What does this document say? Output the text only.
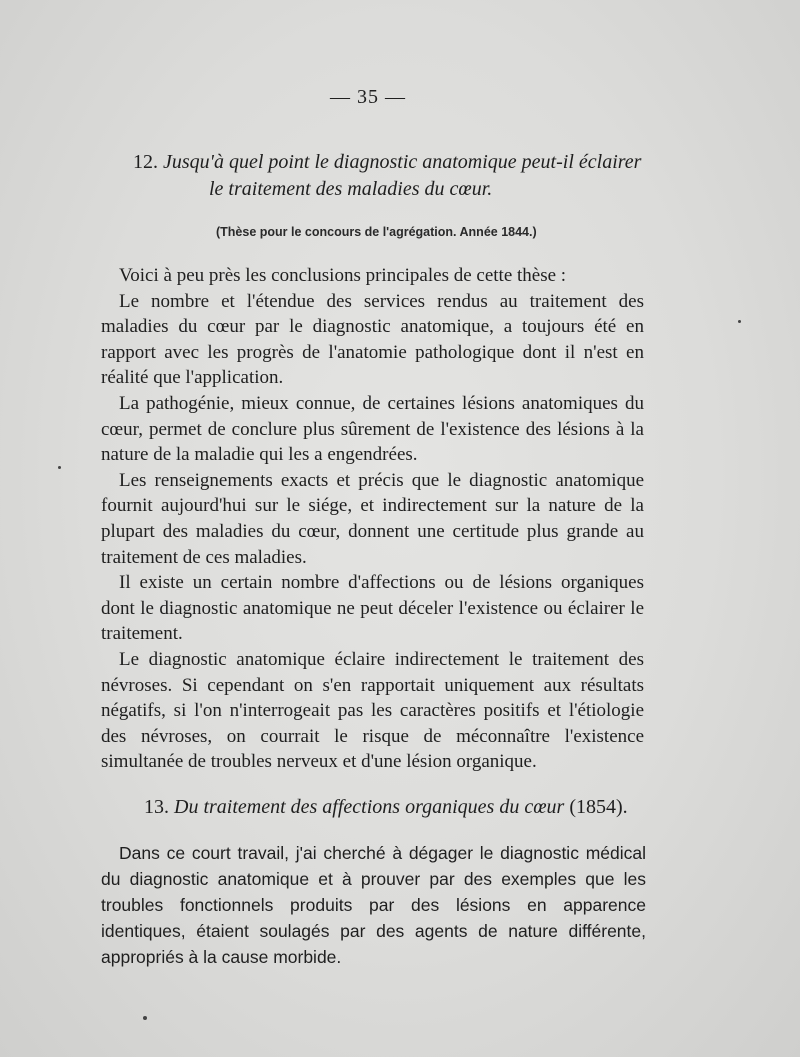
— 35 —
12. Jusqu'à quel point le diagnostic anatomique peut-il éclairer
le traitement des maladies du cœur.
(Thèse pour le concours de l'agrégation. Année 1844.)

Voici à peu près les conclusions principales de cette thèse :

Le nombre et l'étendue des services rendus au traitement des maladies du cœur par le diagnostic anatomique, a toujours été en rapport avec les progrès de l'anatomie pathologique dont il n'est en réalité que l'application.

La pathogénie, mieux connue, de certaines lésions anatomiques du cœur, permet de conclure plus sûrement de l'existence des lésions à la nature de la maladie qui les a engendrées.

Les renseignements exacts et précis que le diagnostic anatomique fournit aujourd'hui sur le siége, et indirectement sur la nature de la plupart des maladies du cœur, donnent une certitude plus grande au traitement de ces maladies.

Il existe un certain nombre d'affections ou de lésions organiques dont le diagnostic anatomique ne peut déceler l'existence ou éclairer le traitement.

Le diagnostic anatomique éclaire indirectement le traitement des névroses. Si cependant on s'en rapportait uniquement aux résultats négatifs, si l'on n'interrogeait pas les caractères positifs et l'étiologie des névroses, on courrait le risque de méconnaître l'existence simultanée de troubles nerveux et d'une lésion organique.

13. Du traitement des affections organiques du cœur (1854).

Dans ce court travail, j'ai cherché à dégager le diagnostic médical du diagnostic anatomique et à prouver par des exemples que les troubles fonctionnels produits par des lésions en apparence identiques, étaient soulagés par des agents de nature différente, appropriés à la cause morbide.
